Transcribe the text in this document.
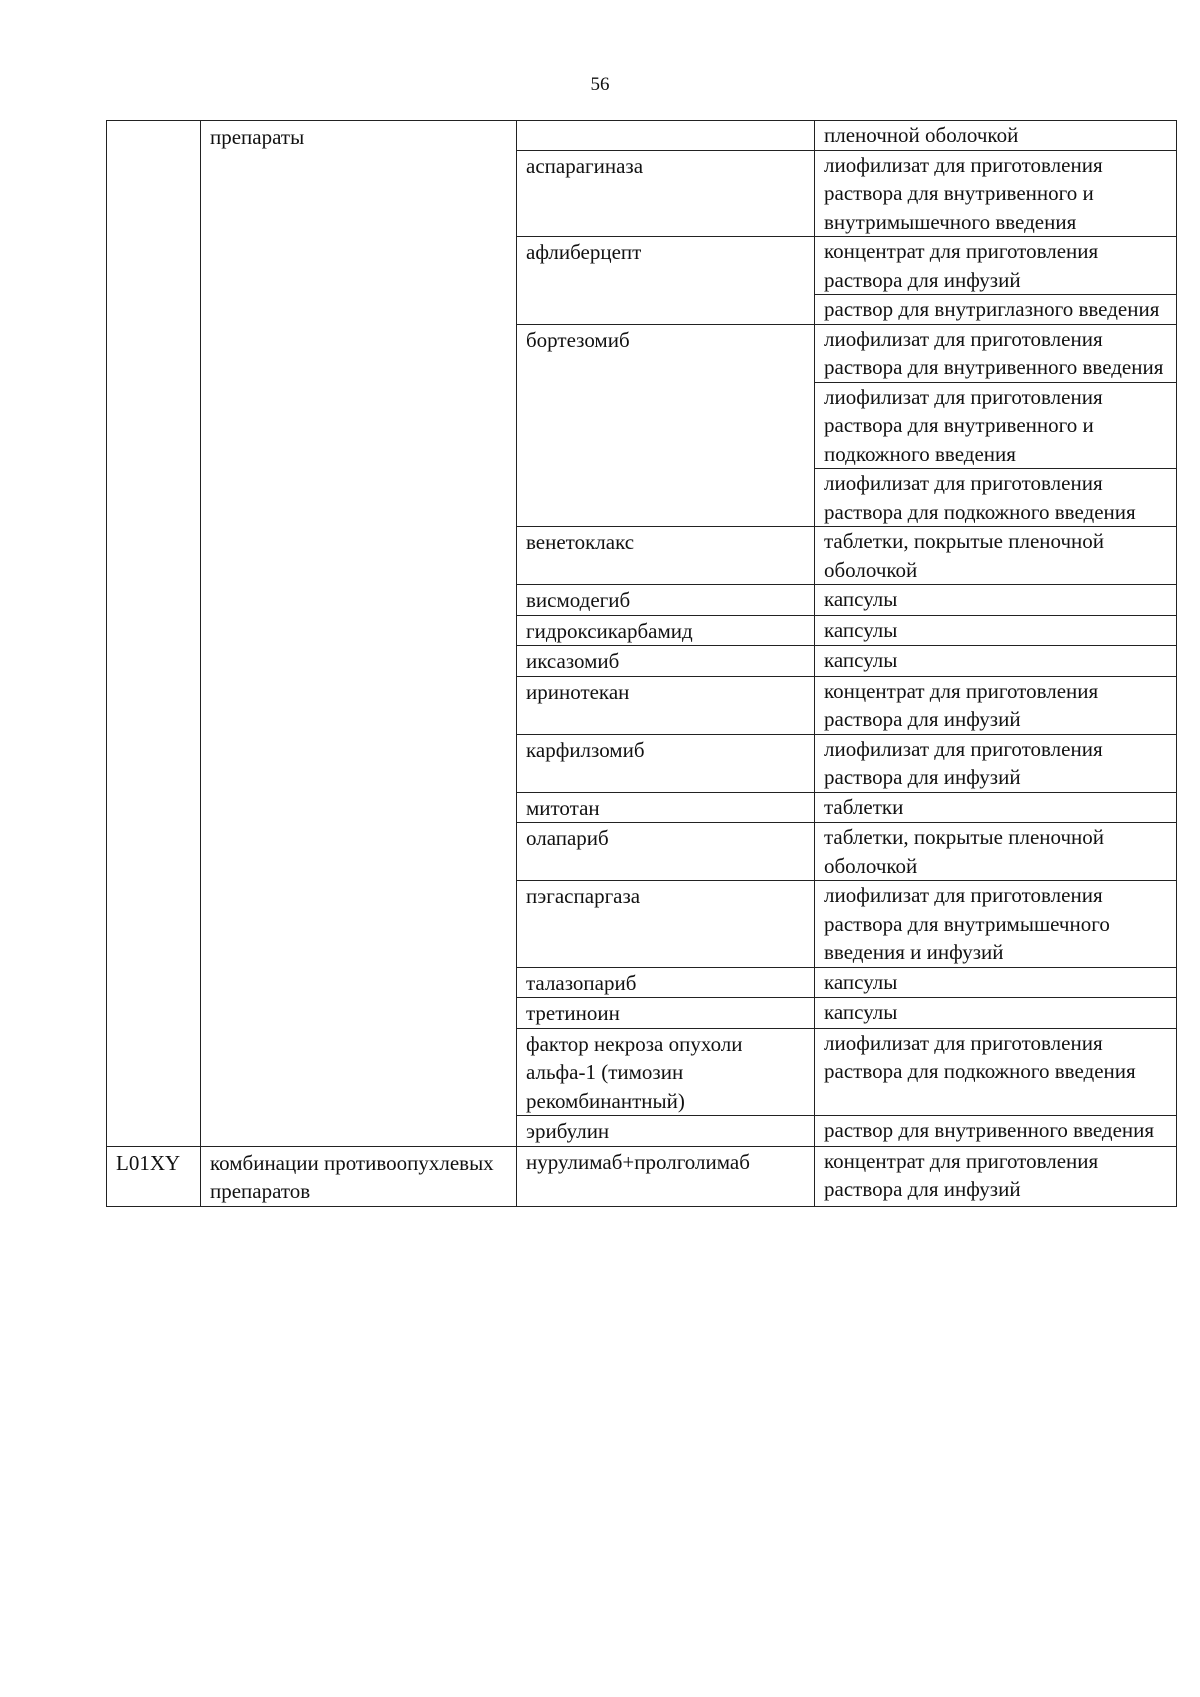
56
	препараты		пленочной оболочкой
		аспарагиназа	лиофилизат для приготовления раствора для внутривенного и внутримышечного введения
		афлиберцепт	концентрат для приготовления раствора для инфузий
			раствор для внутриглазного введения
		бортезомиб	лиофилизат для приготовления раствора для внутривенного введения
			лиофилизат для приготовления раствора для внутривенного и подкожного введения
			лиофилизат для приготовления раствора для подкожного введения
		венетоклакс	таблетки, покрытые пленочной оболочкой
		висмодегиб	капсулы
		гидроксикарбамид	капсулы
		иксазомиб	капсулы
		иринотекан	концентрат для приготовления раствора для инфузий
		карфилзомиб	лиофилизат для приготовления раствора для инфузий
		митотан	таблетки
		олапариб	таблетки, покрытые пленочной оболочкой
		пэгаспаргаза	лиофилизат для приготовления раствора для внутримышечного введения и инфузий
		талазопариб	капсулы
		третиноин	капсулы
		фактор некроза опухоли альфа-1 (тимозин рекомбинантный)	лиофилизат для приготовления раствора для подкожного введения
		эрибулин	раствор для внутривенного введения
L01XY	комбинации противоопухлевых препаратов	нурулимаб+пролголимаб	концентрат для приготовления раствора для инфузий
